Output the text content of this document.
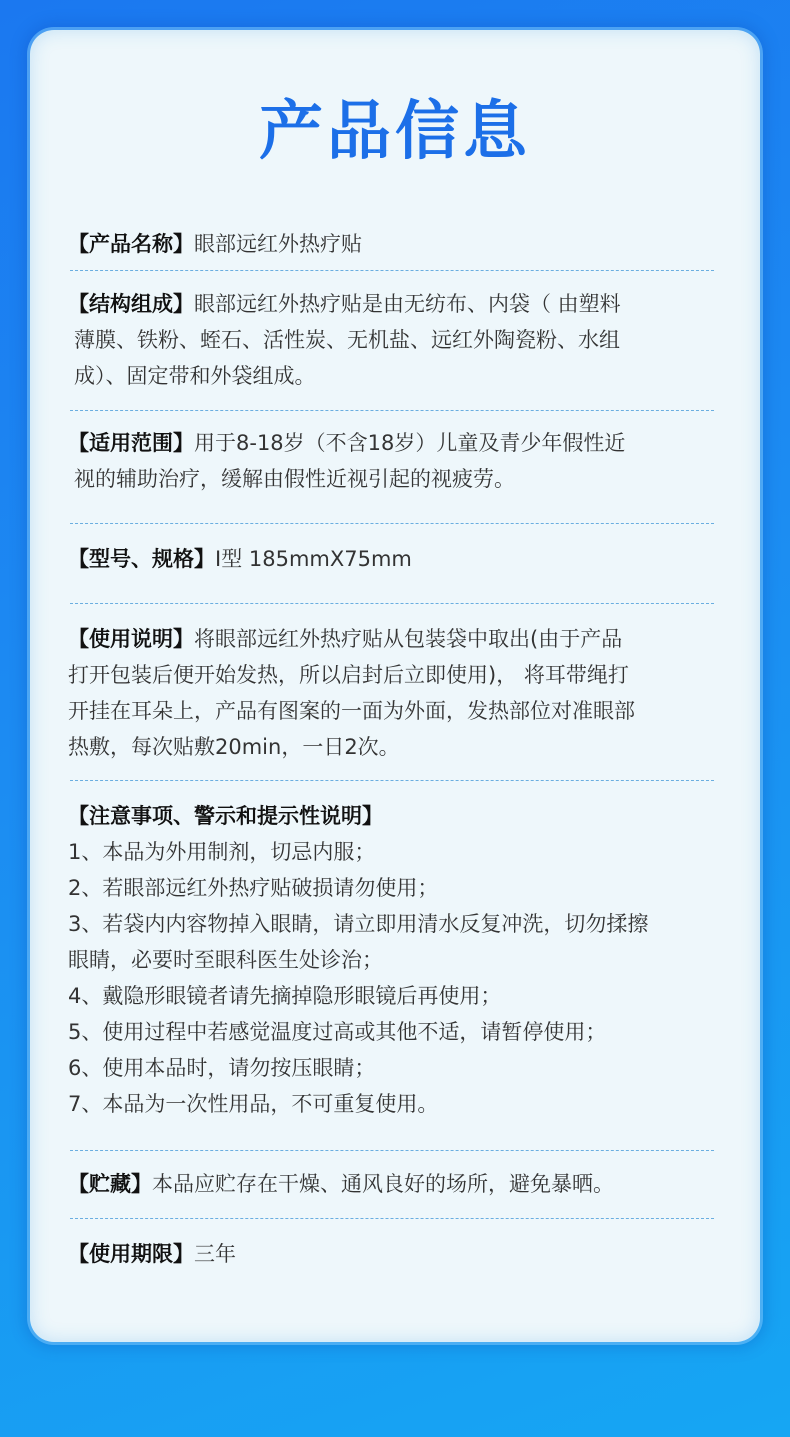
产品信息
【产品名称】眼部远红外热疗贴
【结构组成】眼部远红外热疗贴是由无纺布、内袋（ 由塑料
薄膜、铁粉、蛭石、活性炭、无机盐、远红外陶瓷粉、水组
成）、固定带和外袋组成。
【适用范围】用于8-18岁（不含18岁）儿童及青少年假性近
视的辅助治疗，缓解由假性近视引起的视疲劳。
【型号、规格】I型 185mmX75mm
【使用说明】将眼部远红外热疗贴从包装袋中取出(由于产品
打开包装后便开始发热，所以启封后立即使用)， 将耳带绳打
开挂在耳朵上，产品有图案的一面为外面，发热部位对准眼部
热敷，每次贴敷20min，一日2次。
【注意事项、警示和提示性说明】
1、本品为外用制剂，切忌内服；
2、若眼部远红外热疗贴破损请勿使用；
3、若袋内内容物掉入眼睛，请立即用清水反复冲洗，切勿揉擦
眼睛，必要时至眼科医生处诊治；
4、戴隐形眼镜者请先摘掉隐形眼镜后再使用；
5、使用过程中若感觉温度过高或其他不适，请暂停使用；
6、使用本品时，请勿按压眼睛；
7、本品为一次性用品，不可重复使用。
【贮藏】本品应贮存在干燥、通风良好的场所，避免暴晒。
【使用期限】三年
